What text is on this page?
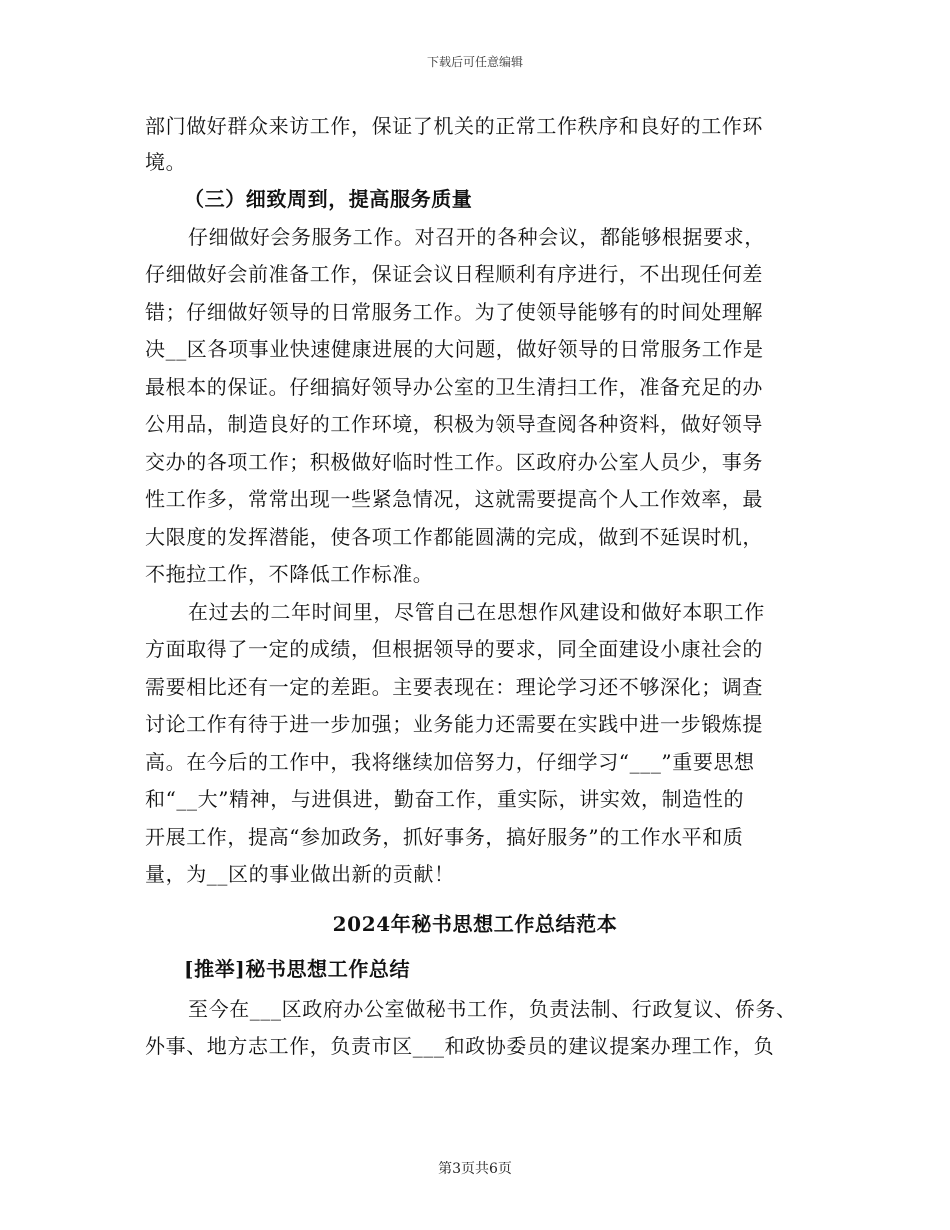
下载后可任意编辑
部门做好群众来访工作，保证了机关的正常工作秩序和良好的工作环
境。
（三）细致周到，提高服务质量
仔细做好会务服务工作。对召开的各种会议，都能够根据要求，
仔细做好会前准备工作，保证会议日程顺利有序进行，不出现任何差
错；仔细做好领导的日常服务工作。为了使领导能够有的时间处理解
决__区各项事业快速健康进展的大问题，做好领导的日常服务工作是
最根本的保证。仔细搞好领导办公室的卫生清扫工作，准备充足的办
公用品，制造良好的工作环境，积极为领导查阅各种资料，做好领导
交办的各项工作；积极做好临时性工作。区政府办公室人员少，事务
性工作多，常常出现一些紧急情况，这就需要提高个人工作效率，最
大限度的发挥潜能，使各项工作都能圆满的完成，做到不延误时机，
不拖拉工作，不降低工作标准。
在过去的二年时间里，尽管自己在思想作风建设和做好本职工作
方面取得了一定的成绩，但根据领导的要求，同全面建设小康社会的
需要相比还有一定的差距。主要表现在：理论学习还不够深化；调查
讨论工作有待于进一步加强；业务能力还需要在实践中进一步锻炼提
高。在今后的工作中，我将继续加倍努力，仔细学习“___”重要思想
和“__大”精神，与进俱进，勤奋工作，重实际，讲实效，制造性的
开展工作，提高“参加政务，抓好事务，搞好服务”的工作水平和质
量，为__区的事业做出新的贡献！
2024年秘书思想工作总结范本
[推举]秘书思想工作总结
至今在___区政府办公室做秘书工作，负责法制、行政复议、侨务、
外事、地方志工作，负责市区___和政协委员的建议提案办理工作，负
第3页共6页
